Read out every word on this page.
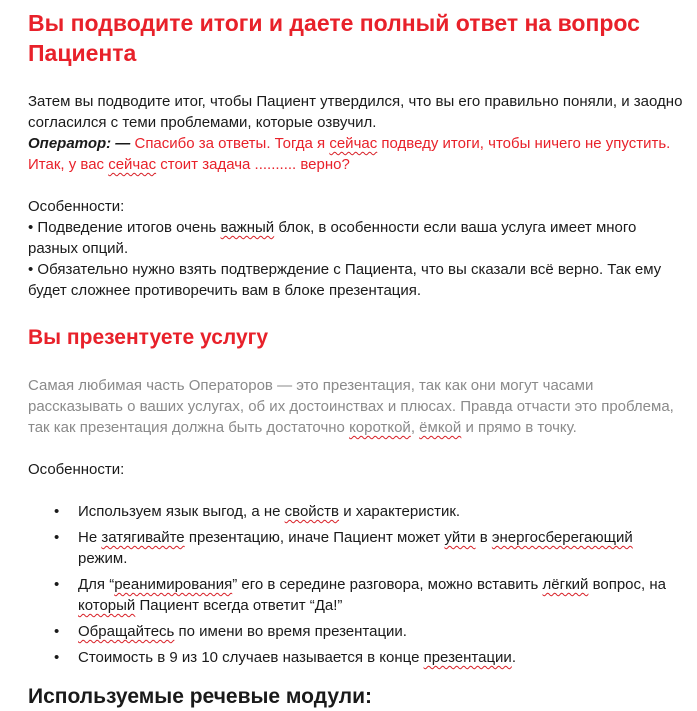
Вы подводите итоги и даете полный ответ на вопрос Пациента

Затем вы подводите итог, чтобы Пациент утвердился, что вы его правильно поняли, и заодно согласился с теми проблемами, которые озвучил.

Оператор: — Спасибо за ответы. Тогда я сейчас подведу итоги, чтобы ничего не упустить. Итак, у вас сейчас стоит задача .......... верно?

Особенности:

• Подведение итогов очень важный блок, в особенности если ваша услуга имеет много разных опций.

• Обязательно нужно взять подтверждение с Пациента, что вы сказали всё верно. Так ему будет сложнее противоречить вам в блоке презентация.

Вы презентуете услугу

Самая любимая часть Операторов — это презентация, так как они могут часами рассказывать о ваших услугах, об их достоинствах и плюсах. Правда отчасти это проблема, так как презентация должна быть достаточно короткой, ёмкой и прямо в точку.

Особенности:

• Используем язык выгод, а не свойств и характеристик.
• Не затягивайте презентацию, иначе Пациент может уйти в энергосберегающий режим.
• Для “реанимирования” его в середине разговора, можно вставить лёгкий вопрос, на который Пациент всегда ответит “Да!”
• Обращайтесь по имени во время презентации.
• Стоимость в 9 из 10 случаев называется в конце презентации.
Используемые речевые модули:
